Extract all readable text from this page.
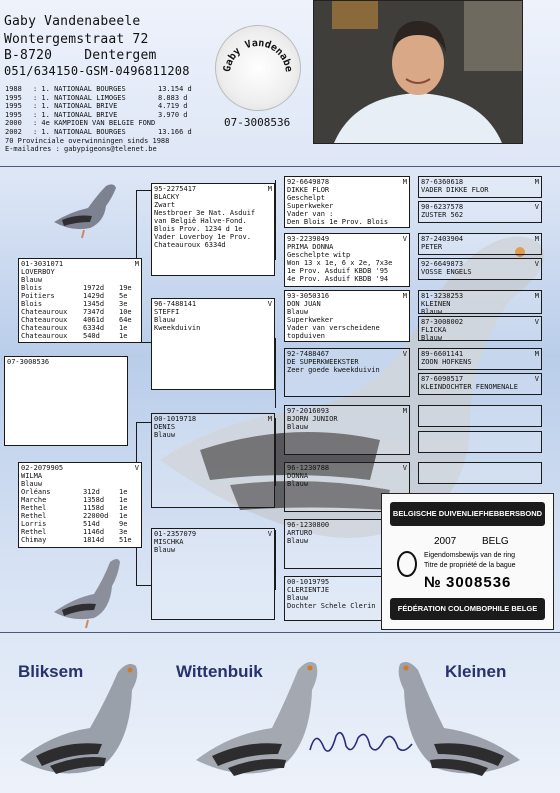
Gaby Vandenabeele
Wontergemstraat 72
B-8720    Dentergem
051/634150-GSM-0496811208
1988	: 1. NATIONAAL BOURGES	13.154 d
1995	: 1. NATIONAAL LIMOGES	8.883 d
1995	: 1. NATIONAAL BRIVE	4.719 d
1995	: 1. NATIONAAL BRIVE	3.970 d
2000	: 4e KAMPIOEN VAN BELGIE FOND
2002	: 1. NATIONAAL BOURGES	13.166 d
70 Provinciale overwinningen sinds 1988
E-mailadres : gabypigeons@telenet.be
Gaby Vandenabe
07-3008536
01-3031071	M
LOVERBOY
Blauw
Blois	1972d	19e
Poitiers	1429d	5e
Blois	1345d	3e
Chateauroux	7347d	10e
Chateauroux	4061d	64e
Chateauroux	6334d	1e
Chateauroux	540d	1e
07-3008536
02-2079905	V
WILMA
Blauw
Orléans	312d	1e
Marche	1358d	1e
Rethel	1158d	1e
Rethel	22000d	1e
Lorris	514d	9e
Rethel	1146d	3e
Chimay	1814d	51e
95-2275417	M
BLACKY
Zwart
Nestbroer 3e Nat. Asduif
van België Halve-Fond.
Blois Prov. 1234 d 1e
Vader Loverboy 1e Prov.
Chateauroux 6334d
96-7488141	V
STEFFI
Blauw
Kweekduivin
00-1019718	M
DENIS
Blauw
01-2357079	V
MISCHKA
Blauw
92-6649878	M
DIKKE FLOR
Geschelpt
Superkweker
Vader van :
Den Blois 1e Prov. Blois
93-2239049	V
PRIMA DONNA
Geschelpte witp
Won 13 x 1e, 6 x 2e, 7x3e
1e Prov. Asduif KBDB '95
4e Prov. Asduif KBDB '94
93-3050316	M
DON JUAN
Blauw
Superkweker
Vader van verscheidene
topduiven
92-7488467	V
DE SUPERKWEEKSTER
Zeer goede kweekduivin
97-2016093	M
BJORN JUNIOR
Blauw
96-1230788	V
DONNA
Blauw
96-1230800
ARTURO
Blauw
00-1019795
CLERIENTJE
Blauw
Dochter Schele Clerin
87-6360618	M
VADER DIKKE FLOR
90-6237578	V
ZUSTER 562
87-2403904	M
PETER
92-6649873	V
VOSSE ENGELS
81-3238253	M
KLEINEN
Blauw
87-3008002	V
FLICKA
Blauw
89-6601141	M
ZOON HOFKENS
87-6090517	V
KLEINDOCHTER FENOMENALE
BELGISCHE DUIVENLIEFHEBBERSBOND
2007	BELG
Eigendomsbewijs van de ring
Titre de propriété de la bague
№ 3008536
FÉDÉRATION COLOMBOPHILE BELGE
Bliksem	Wittenbuik	Kleinen
